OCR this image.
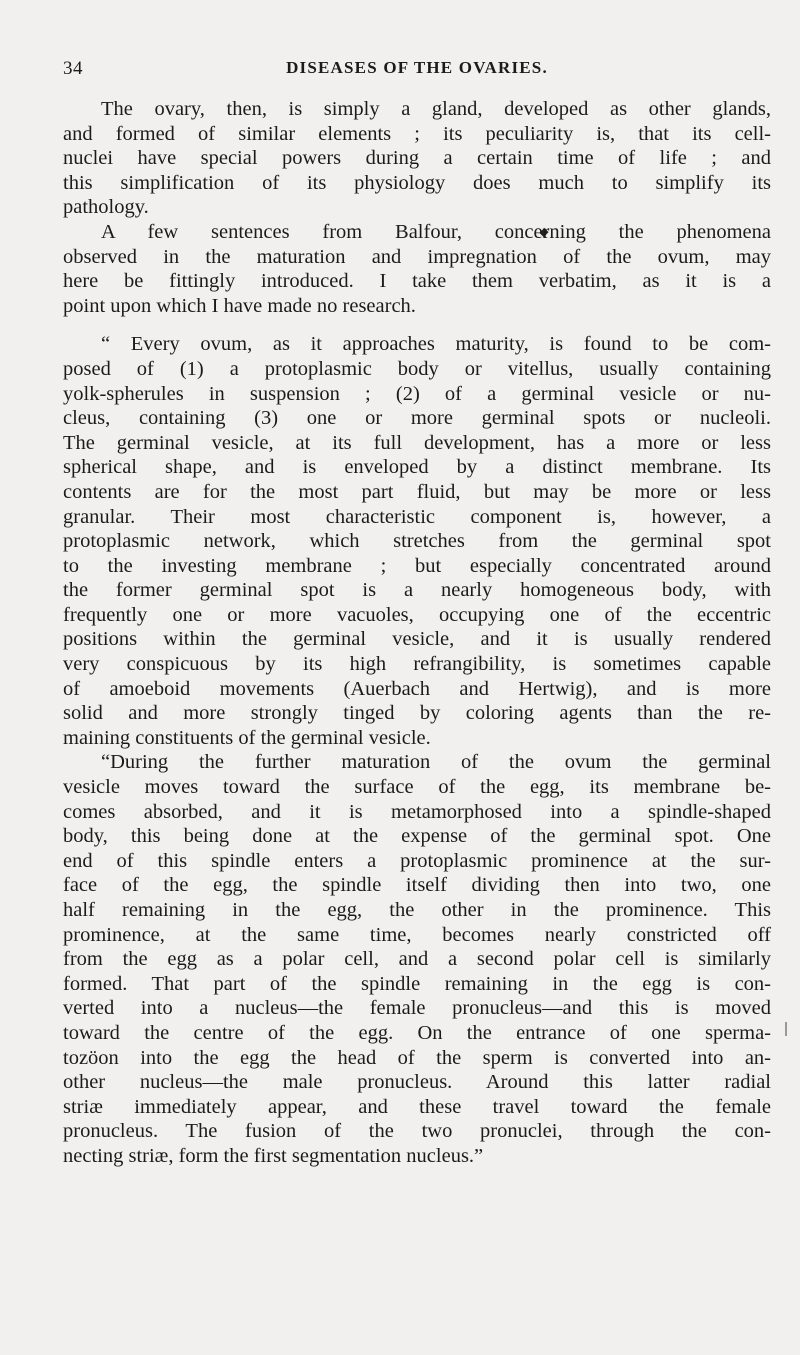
34	DISEASES OF THE OVARIES.
The ovary, then, is simply a gland, developed as other glands,
and formed of similar elements ; its peculiarity is, that its cell-
nuclei have special powers during a certain time of life ; and
this simplification of its physiology does much to simplify its
pathology.
A few sentences from Balfour, concerning the phenomena
observed in the maturation and impregnation of the ovum, may
here be fittingly introduced. I take them verbatim, as it is a
point upon which I have made no research.
“ Every ovum, as it approaches maturity, is found to be com-
posed of (1) a protoplasmic body or vitellus, usually containing
yolk-spherules in suspension ; (2) of a germinal vesicle or nu-
cleus, containing (3) one or more germinal spots or nucleoli.
The germinal vesicle, at its full development, has a more or less
spherical shape, and is enveloped by a distinct membrane. Its
contents are for the most part fluid, but may be more or less
granular. Their most characteristic component is, however, a
protoplasmic network, which stretches from the germinal spot
to the investing membrane ; but especially concentrated around
the former germinal spot is a nearly homogeneous body, with
frequently one or more vacuoles, occupying one of the eccentric
positions within the germinal vesicle, and it is usually rendered
very conspicuous by its high refrangibility, is sometimes capable
of amoeboid movements (Auerbach and Hertwig), and is more
solid and more strongly tinged by coloring agents than the re-
maining constituents of the germinal vesicle.
“During the further maturation of the ovum the germinal
vesicle moves toward the surface of the egg, its membrane be-
comes absorbed, and it is metamorphosed into a spindle-shaped
body, this being done at the expense of the germinal spot. One
end of this spindle enters a protoplasmic prominence at the sur-
face of the egg, the spindle itself dividing then into two, one
half remaining in the egg, the other in the prominence. This
prominence, at the same time, becomes nearly constricted off
from the egg as a polar cell, and a second polar cell is similarly
formed. That part of the spindle remaining in the egg is con-
verted into a nucleus—the female pronucleus—and this is moved
toward the centre of the egg. On the entrance of one sperma-
tozöon into the egg the head of the sperm is converted into an-
other nucleus—the male pronucleus. Around this latter radial
striæ immediately appear, and these travel toward the female
pronucleus. The fusion of the two pronuclei, through the con-
necting striæ, form the first segmentation nucleus.”
